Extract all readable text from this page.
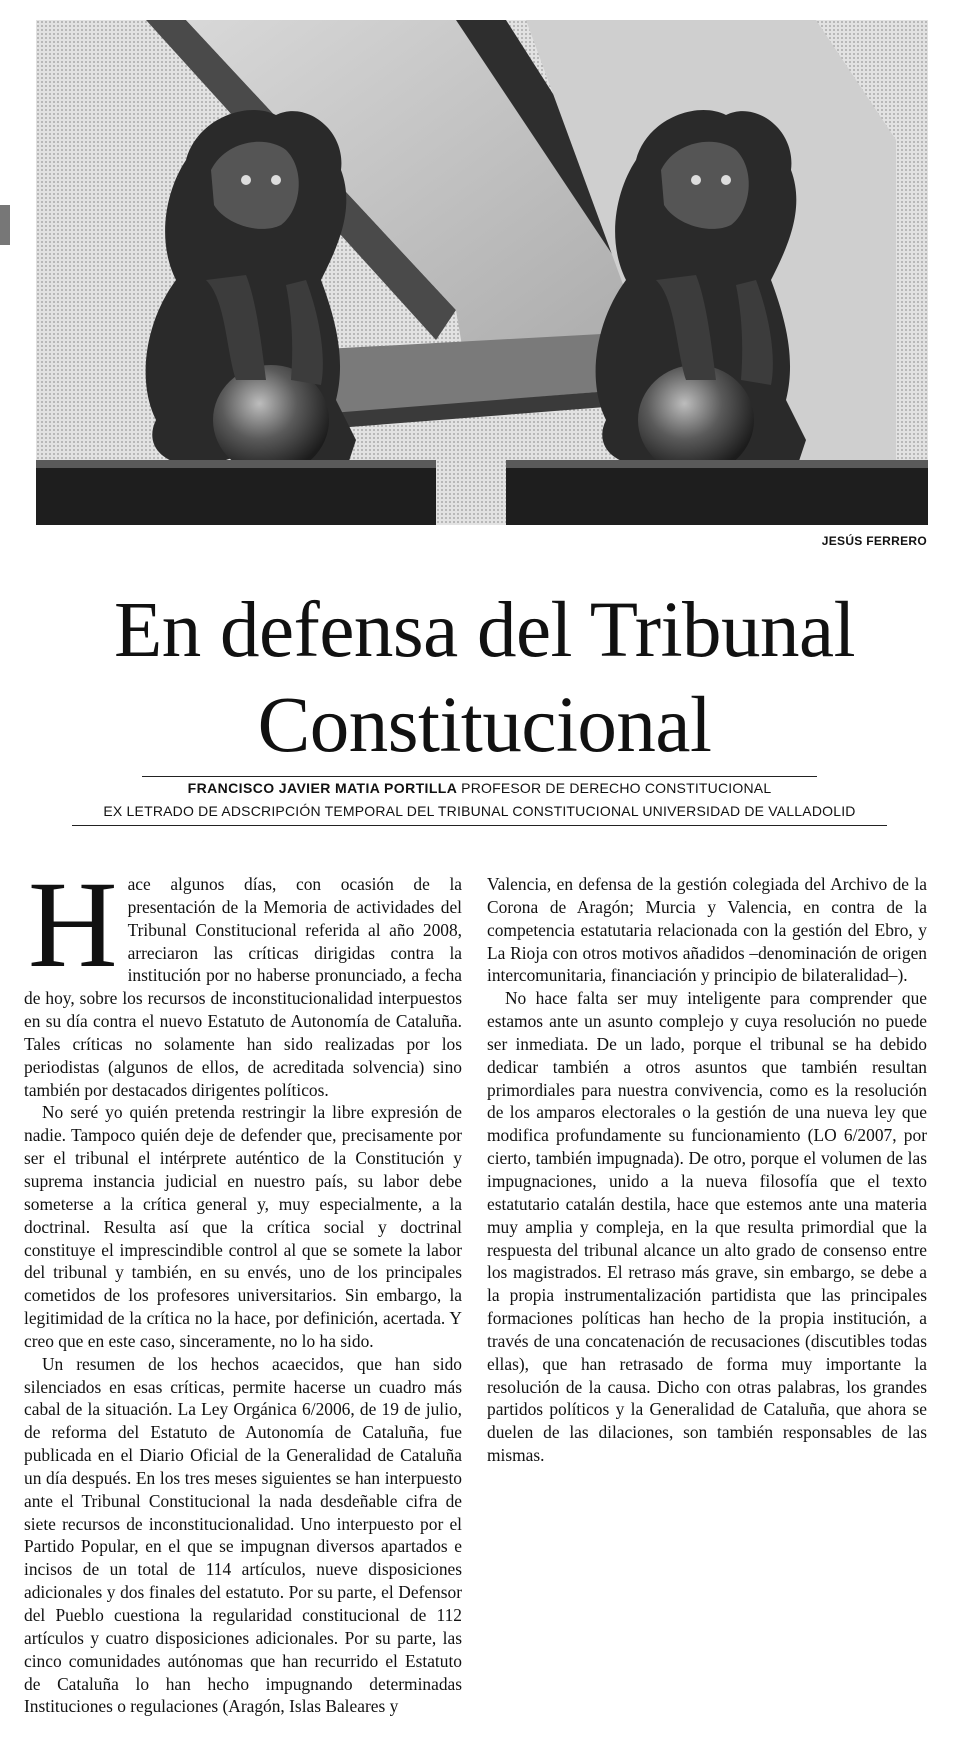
JESÚS FERRERO
En defensa del Tribunal
Constitucional
FRANCISCO JAVIER MATIA PORTILLA PROFESOR DE DERECHO CONSTITUCIONAL
EX LETRADO DE ADSCRIPCIÓN TEMPORAL DEL TRIBUNAL CONSTITUCIONAL UNIVERSIDAD DE VALLADOLID

Hace algunos días, con ocasión de la presentación de la Memoria de actividades del Tribunal Constitucional referida al año 2008, arreciaron las críticas dirigidas contra la institución por no haberse pronunciado, a fecha de hoy, sobre los recursos de inconstitucionalidad interpuestos en su día contra el nuevo Estatuto de Autonomía de Cataluña. Tales críticas no solamente han sido realizadas por los periodistas (algunos de ellos, de acreditada solvencia) sino también por destacados dirigentes políticos.

No seré yo quién pretenda restringir la libre expresión de nadie. Tampoco quién deje de defender que, precisamente por ser el tribunal el intérprete auténtico de la Constitución y suprema instancia judicial en nuestro país, su labor debe someterse a la crítica general y, muy especialmente, a la doctrinal. Resulta así que la crítica social y doctrinal constituye el imprescindible control al que se somete la labor del tribunal y también, en su envés, uno de los principales cometidos de los profesores universitarios. Sin embargo, la legitimidad de la crítica no la hace, por definición, acertada. Y creo que en este caso, sinceramente, no lo ha sido.

Un resumen de los hechos acaecidos, que han sido silenciados en esas críticas, permite hacerse un cuadro más cabal de la situación. La Ley Orgánica 6/2006, de 19 de julio, de reforma del Estatuto de Autonomía de Cataluña, fue publicada en el Diario Oficial de la Generalidad de Cataluña un día después. En los tres meses siguientes se han interpuesto ante el Tribunal Constitucional la nada desdeñable cifra de siete recursos de inconstitucionalidad. Uno interpuesto por el Partido Popular, en el que se impugnan diversos apartados e incisos de un total de 114 artículos, nueve disposiciones adicionales y dos finales del estatuto. Por su parte, el Defensor del Pueblo cuestiona la regularidad constitucional de 112 artículos y cuatro disposiciones adicionales. Por su parte, las cinco comunidades autónomas que han recurrido el Estatuto de Cataluña lo han hecho impugnando determinadas Instituciones o regulaciones (Aragón, Islas Baleares y

Valencia, en defensa de la gestión colegiada del Archivo de la Corona de Aragón; Murcia y Valencia, en contra de la competencia estatutaria relacionada con la gestión del Ebro, y La Rioja con otros motivos añadidos –denominación de origen intercomunitaria, financiación y principio de bilateralidad–).

No hace falta ser muy inteligente para comprender que estamos ante un asunto complejo y cuya resolución no puede ser inmediata. De un lado, porque el tribunal se ha debido dedicar también a otros asuntos que también resultan primordiales para nuestra convivencia, como es la resolución de los amparos electorales o la gestión de una nueva ley que modifica profundamente su funcionamiento (LO 6/2007, por cierto, también impugnada). De otro, porque el volumen de las impugnaciones, unido a la nueva filosofía que el texto estatutario catalán destila, hace que estemos ante una materia muy amplia y compleja, en la que resulta primordial que la respuesta del tribunal alcance un alto grado de consenso entre los magistrados. El retraso más grave, sin embargo, se debe a la propia instrumentalización partidista que las principales formaciones políticas han hecho de la propia institución, a través de una concatenación de recusaciones (discutibles todas ellas), que han retrasado de forma muy importante la resolución de la causa. Dicho con otras palabras, los grandes partidos políticos y la Generalidad de Cataluña, que ahora se duelen de las dilaciones, son también responsables de las mismas.
